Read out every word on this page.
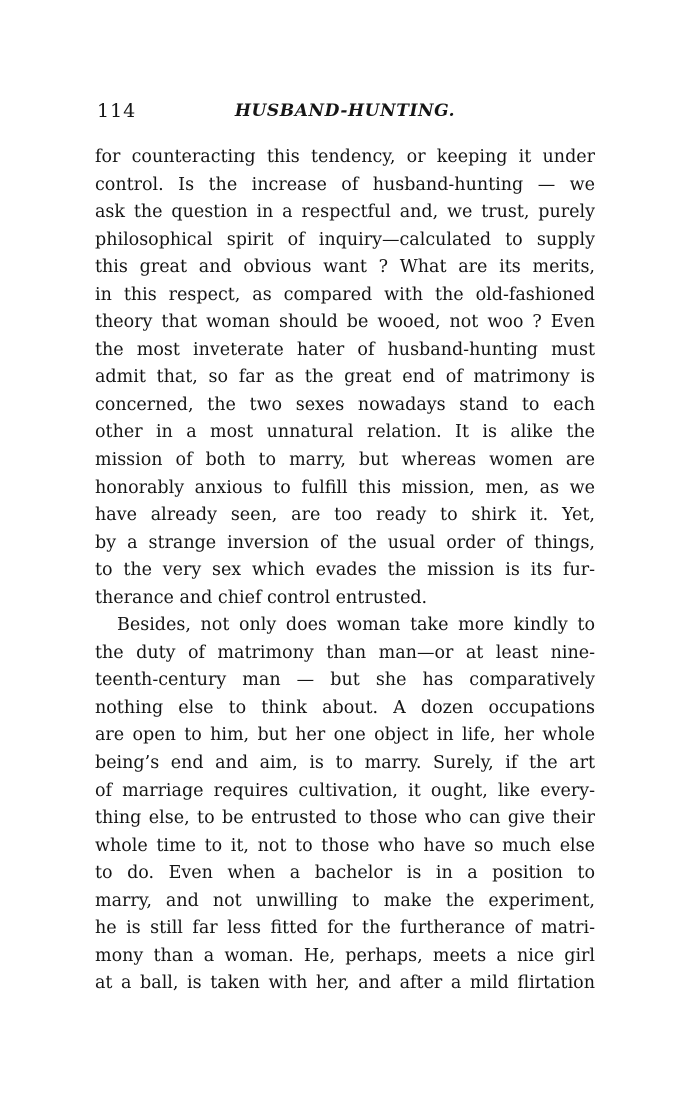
114	HUSBAND-HUNTING.
for counteracting this tendency, or keeping it under
control. Is the increase of husband-hunting — we
ask the question in a respectful and, we trust, purely
philosophical spirit of inquiry—calculated to supply
this great and obvious want ? What are its merits,
in this respect, as compared with the old-fashioned
theory that woman should be wooed, not woo ? Even
the most inveterate hater of husband-hunting must
admit that, so far as the great end of matrimony is
concerned, the two sexes nowadays stand to each
other in a most unnatural relation. It is alike the
mission of both to marry, but whereas women are
honorably anxious to fulfill this mission, men, as we
have already seen, are too ready to shirk it. Yet,
by a strange inversion of the usual order of things,
to the very sex which evades the mission is its fur-
therance and chief control entrusted.
Besides, not only does woman take more kindly to
the duty of matrimony than man—or at least nine-
teenth-century man — but she has comparatively
nothing else to think about. A dozen occupations
are open to him, but her one object in life, her whole
being’s end and aim, is to marry. Surely, if the art
of marriage requires cultivation, it ought, like every-
thing else, to be entrusted to those who can give their
whole time to it, not to those who have so much else
to do. Even when a bachelor is in a position to
marry, and not unwilling to make the experiment,
he is still far less fitted for the furtherance of matri-
mony than a woman. He, perhaps, meets a nice girl
at a ball, is taken with her, and after a mild flirtation
